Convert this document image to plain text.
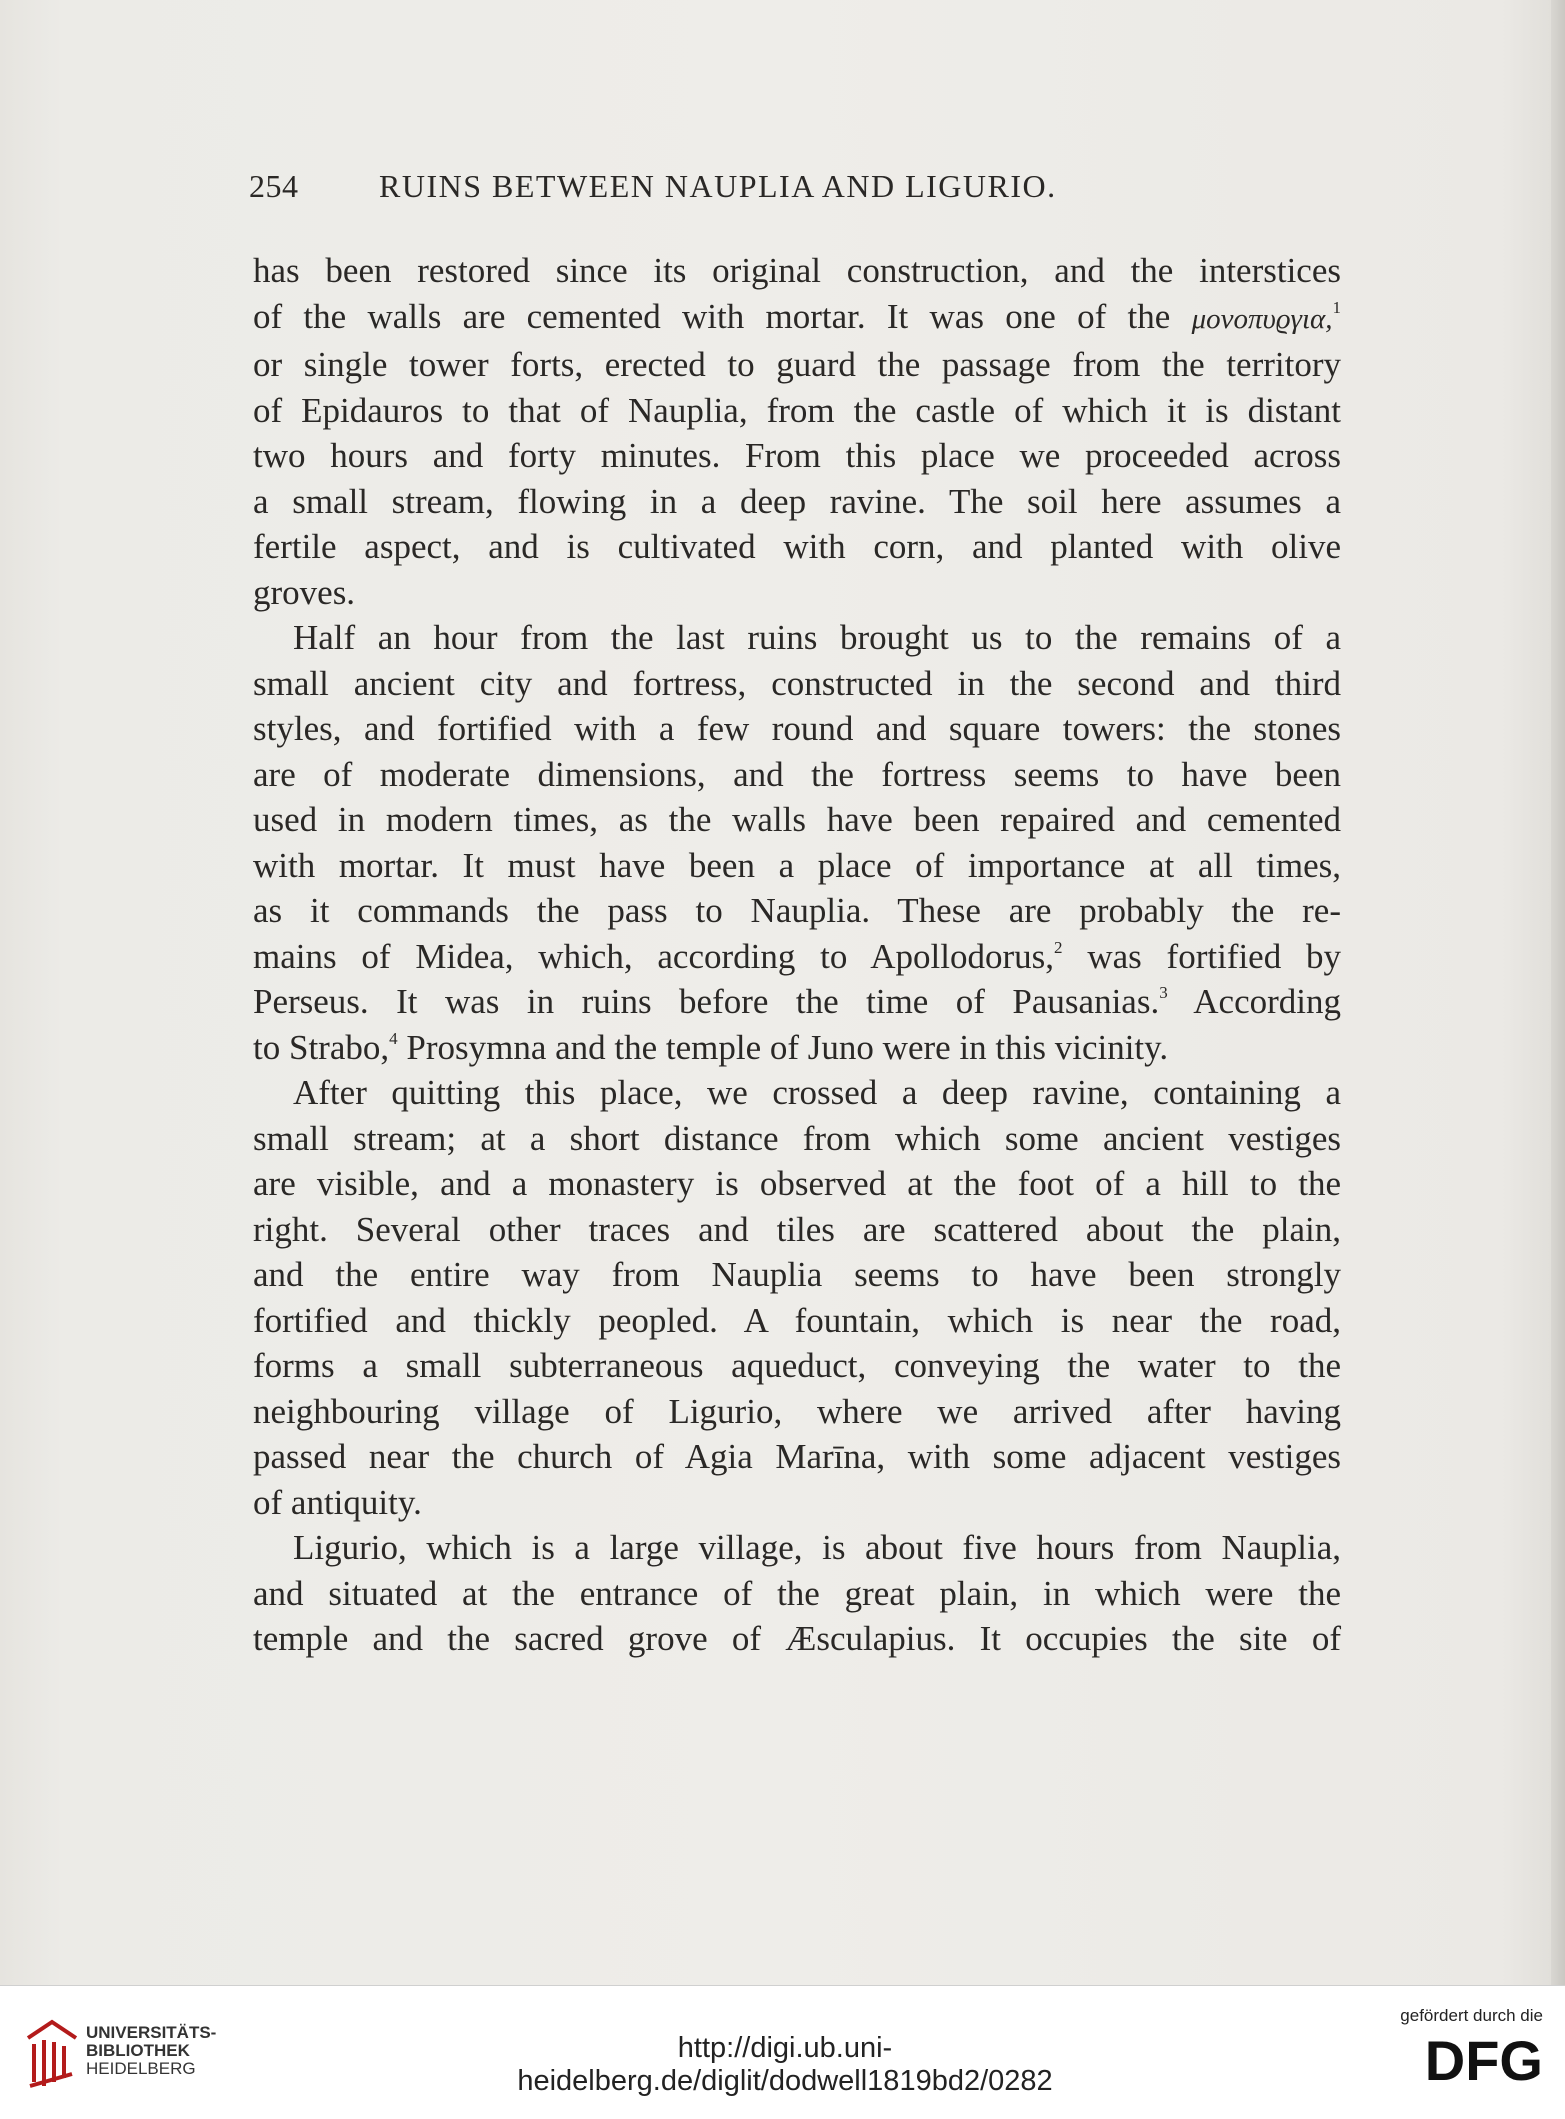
254	RUINS BETWEEN NAUPLIA AND LIGURIO.
has been restored since its original construction, and the interstices
of the walls are cemented with mortar. It was one of the μονοπυϱγια,$^1$
or single tower forts, erected to guard the passage from the territory
of Epidauros to that of Nauplia, from the castle of which it is distant
two hours and forty minutes. From this place we proceeded across
a small stream, flowing in a deep ravine. The soil here assumes a
fertile aspect, and is cultivated with corn, and planted with olive
groves.
Half an hour from the last ruins brought us to the remains of a
small ancient city and fortress, constructed in the second and third
styles, and fortified with a few round and square towers: the stones
are of moderate dimensions, and the fortress seems to have been
used in modern times, as the walls have been repaired and cemented
with mortar. It must have been a place of importance at all times,
as it commands the pass to Nauplia. These are probably the re-
mains of Midea, which, according to Apollodorus,$^2$ was fortified by
Perseus. It was in ruins before the time of Pausanias.$^3$ According
to Strabo,$^4$ Prosymna and the temple of Juno were in this vicinity.
After quitting this place, we crossed a deep ravine, containing a
small stream; at a short distance from which some ancient vestiges
are visible, and a monastery is observed at the foot of a hill to the
right. Several other traces and tiles are scattered about the plain,
and the entire way from Nauplia seems to have been strongly
fortified and thickly peopled. A fountain, which is near the road,
forms a small subterraneous aqueduct, conveying the water to the
neighbouring village of Ligurio, where we arrived after having
passed near the church of Agia Marīna, with some adjacent vestiges
of antiquity.
Ligurio, which is a large village, is about five hours from Nauplia,
and situated at the entrance of the great plain, in which were the
temple and the sacred grove of Æsculapius. It occupies the site of
UNIVERSITÄTS-
BIBLIOTHEK
HEIDELBERG
http://digi.ub.uni-heidelberg.de/diglit/dodwell1819bd2/0282
gefördert durch die
DFG
